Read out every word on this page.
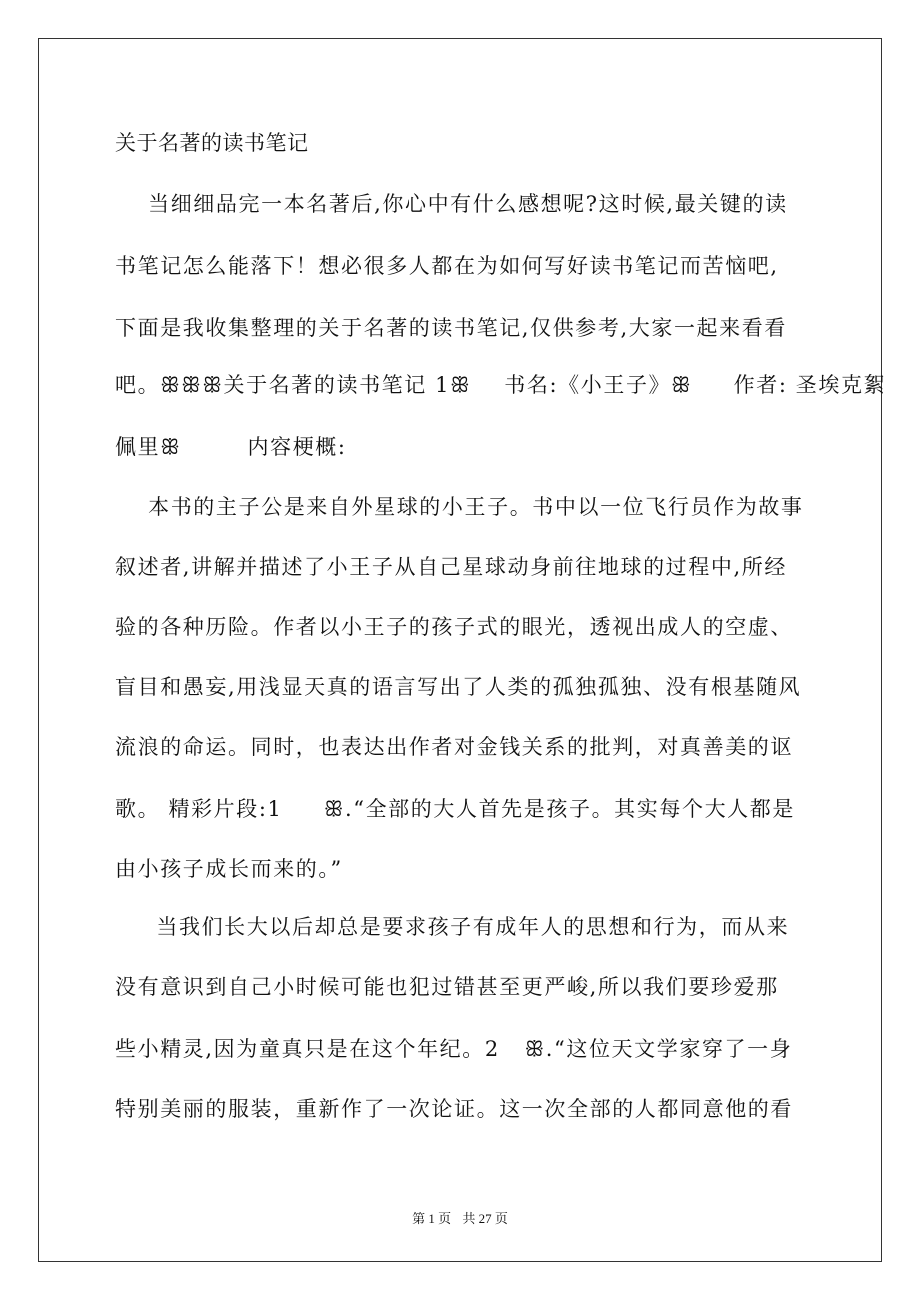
关于名著的读书笔记
当细细品完一本名著后,你心中有什么感想呢?这时候,最关键的读
书笔记怎么能落下！想必很多人都在为如何写好读书笔记而苦恼吧,
下面是我收集整理的关于名著的读书笔记,仅供参考,大家一起来看看
吧。ꕥꕥꕥ关于名著的读书笔记 1ꕥ    书名:《小王子》ꕥ     作者: 圣埃克絮
佩里ꕥ        内容梗概:
本书的主子公是来自外星球的小王子。书中以一位飞行员作为故事
叙述者,讲解并描述了小王子从自己星球动身前往地球的过程中,所经
验的各种历险。作者以小王子的孩子式的眼光，透视出成人的空虚、
盲目和愚妄,用浅显天真的语言写出了人类的孤独孤独、没有根基随风
流浪的命运。同时，也表达出作者对金钱关系的批判，对真善美的讴
歌。 精彩片段:1     ꕥ.“全部的大人首先是孩子。其实每个大人都是
由小孩子成长而来的。”
当我们长大以后却总是要求孩子有成年人的思想和行为，而从来
没有意识到自己小时候可能也犯过错甚至更严峻,所以我们要珍爱那
些小精灵,因为童真只是在这个年纪。2   ꕥ.“这位天文学家穿了一身
特别美丽的服装，重新作了一次论证。这一次全部的人都同意他的看
第 1 页 共 27 页
